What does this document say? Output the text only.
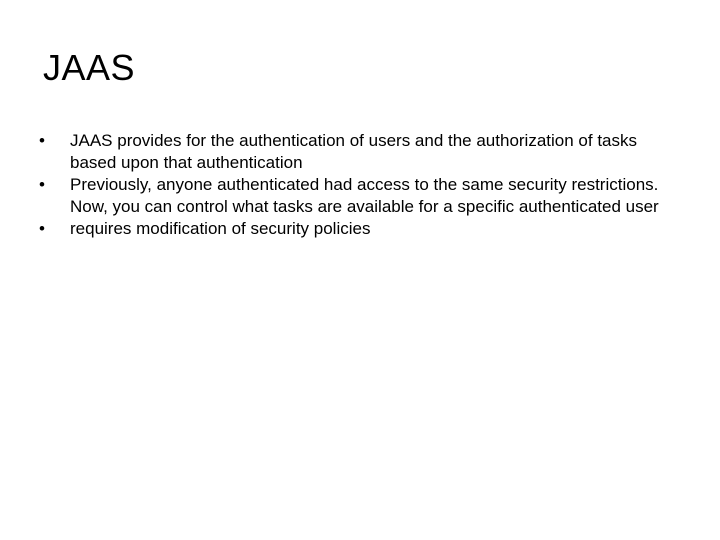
JAAS
•	JAAS provides for the authentication of users and the authorization of tasks based upon that authentication
•	Previously, anyone authenticated had access to the same security restrictions. Now, you can control what tasks are available for a specific authenticated user
•	requires modification of security policies
